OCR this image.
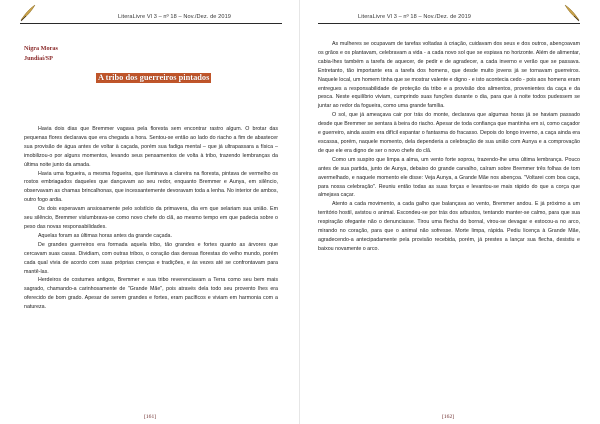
LiteraLivre Vl 3 – nº 18 – Nov./Dez. de 2019
Nigra Moras
Jundiaí/SP
A tribo dos guerreiros pintados

Havia dois dias que Bremmer vagava pela floresta sem encontrar rastro algum. O brotar das pequenas flores declarava que era chegada a hora. Sentou-se então ao lado do riacho a fim de abastecer sua provisão de água antes de voltar à caçada, porém sua fadiga mental – que já ultrapassara a física – imobilizou-o por alguns momentos, levando seus pensamentos de volta à tribo, trazendo lembranças da última noite junto da amada.

Havia uma fogueira, a mesma fogueira, que iluminava a clareira na floresta, pintava de vermelho os rostos embriagados daqueles que dançavam ao seu redor, enquanto Bremmer e Aunya, em silêncio, observavam as chamas brincalhonas, que incessantemente devoravam toda a lenha. No interior de ambos, outro fogo ardia.

Os dois esperavam ansiosamente pelo solstício da primavera, dia em que selariam sua união. Em seu silêncio, Bremmer vislumbrava-se como novo chefe do clã, ao mesmo tempo em que padecia sobre o peso das novas responsabilidades.

Aquelas foram as últimas horas antes da grande caçada.

De grandes guerreiros era formada aquela tribo, tão grandes e fortes quanto as árvores que cercavam suas casas. Dividiam, com outras tribos, o coração das densas florestas do velho mundo, porém cada qual vivia de acordo com suas próprias crenças e tradições, e às vezes até se confrontavam para mantê-las.

Herdeiros de costumes antigos, Bremmer e sua tribo reverenciavam a Terra como seu bem mais sagrado, chamando-a carinhosamente de "Grande Mãe", pois através dela todo seu provento lhes era oferecido de bom grado. Apesar de serem grandes e fortes, eram pacíficos e viviam em harmonia com a natureza.

[161]
LiteraLivre Vl 3 – nº 18 – Nov./Dez. de 2019

As mulheres se ocupavam de tarefas voltadas à criação, cuidavam dos seus e dos outros, abençoavam os grãos e os plantavam, celebravam a vida - a cada novo sol que se espiava no horizonte. Além de alimentar, cabia-lhes também a tarefa de aquecer, de pedir e de agradecer, a cada inverno e verão que se passava. Entretanto, tão importante era a tarefa dos homens, que desde muito jovens já se tornavam guerreiros. Naquele local, um homem tinha que se mostrar valente e digno - e isto acontecia cedo - pois aos homens eram entregues a responsabilidade de proteção da tribo e a provisão dos alimentos, provenientes da caça e da pesca. Neste equilíbrio viviam, cumprindo suas funções durante o dia, para que à noite todos pudessem se juntar ao redor da fogueira, como uma grande família.

O sol, que já ameaçava cair por trás do monte, declarava que algumas horas já se haviam passado desde que Bremmer se sentara à beira do riacho. Apesar de toda confiança que mantinha em si, como caçador e guerreiro, ainda assim era difícil espantar o fantasma do fracasso. Depois do longo inverno, a caça ainda era escassa, porém, naquele momento, dela dependeria a celebração de sua união com Aunya e a comprovação de que ele era digno de ser o novo chefe do clã.

Como um suspiro que limpa a alma, um vento forte soprou, trazendo-lhe uma última lembrança. Pouco antes de sua partida, junto de Aunya, debaixo do grande carvalho, caíram sobre Bremmer três folhas de tom avermelhado, e naquele momento ele disse: Veja Aunya, a Grande Mãe nos abençoa. "Voltarei com boa caça, para nossa celebração". Reuniu então todas as suas forças e levantou-se mais rápido do que a corça que almejava caçar.

Atento a cada movimento, a cada galho que balançava ao vento, Bremmer andou. E já próximo a um território hostil, avistou o animal. Escondeu-se por trás dos arbustos, tentando manter-se calmo, para que sua respiração ofegante não o denunciasse. Tirou uma flecha do bornal, virou-se devagar e estocou-a no arco, mirando no coração, para que o animal não sofresse. Morte limpa, rápida. Pediu licença à Grande Mãe, agradecendo-a antecipadamente pela provisão recebida, porém, já prestes a lançar sua flecha, desistiu e baixou novamente o arco.

[162]
